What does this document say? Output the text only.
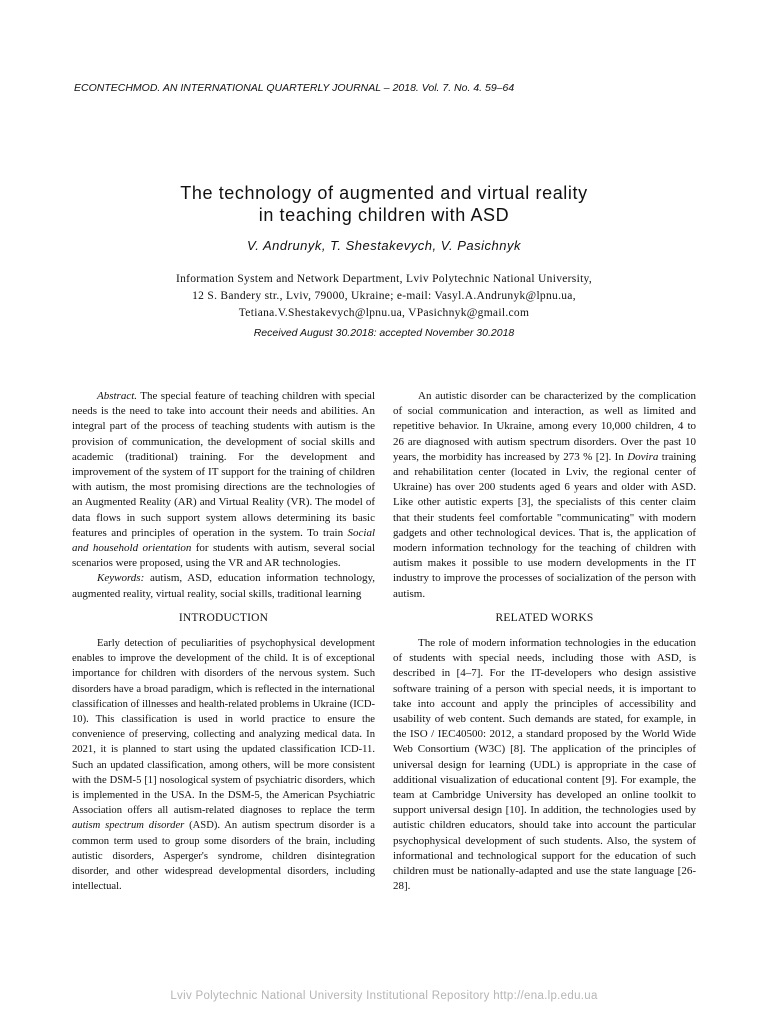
ECONTECHMOD. AN INTERNATIONAL QUARTERLY JOURNAL – 2018. Vol. 7. No. 4. 59–64
The technology of augmented and virtual reality
in teaching children with ASD
V. Andrunyk, T. Shestakevych, V. Pasichnyk
Information System and Network Department, Lviv Polytechnic National University,
12 S. Bandery str., Lviv, 79000, Ukraine; e-mail: Vasyl.A.Andrunyk@lpnu.ua,
Tetiana.V.Shestakevych@lpnu.ua, VPasichnyk@gmail.com
Received August 30.2018: accepted November 30.2018

Abstract. The special feature of teaching children with special needs is the need to take into account their needs and abilities. An integral part of the process of teaching students with autism is the provision of communication, the development of social skills and academic (traditional) training. For the development and improvement of the system of IT support for the training of children with autism, the most promising directions are the technologies of an Augmented Reality (AR) and Virtual Reality (VR). The model of data flows in such support system allows determining its basic features and principles of operation in the system. To train Social and household orientation for students with autism, several social scenarios were proposed, using the VR and AR technologies.

Keywords: autism, ASD, education information technology, augmented reality, virtual reality, social skills, traditional learning

INTRODUCTION

Early detection of peculiarities of psychophysical development enables to improve the development of the child. It is of exceptional importance for children with disorders of the nervous system. Such disorders have a broad paradigm, which is reflected in the international classification of illnesses and health-related problems in Ukraine (ICD-10). This classification is used in world practice to ensure the convenience of preserving, collecting and analyzing medical data. In 2021, it is planned to start using the updated classification ICD-11. Such an updated classification, among others, will be more consistent with the DSM-5 [1] nosological system of psychiatric disorders, which is implemented in the USA. In the DSM-5, the American Psychiatric Association offers all autism-related diagnoses to replace the term autism spectrum disorder (ASD). An autism spectrum disorder is a common term used to group some disorders of the brain, including autistic disorders, Asperger's syndrome, children disintegration disorder, and other widespread developmental disorders, including intellectual.

An autistic disorder can be characterized by the complication of social communication and interaction, as well as limited and repetitive behavior. In Ukraine, among every 10,000 children, 4 to 26 are diagnosed with autism spectrum disorders. Over the past 10 years, the morbidity has increased by 273 % [2]. In Dovira training and rehabilitation center (located in Lviv, the regional center of Ukraine) has over 200 students aged 6 years and older with ASD. Like other autistic experts [3], the specialists of this center claim that their students feel comfortable "communicating" with modern gadgets and other technological devices. That is, the application of modern information technology for the teaching of children with autism makes it possible to use modern developments in the IT industry to improve the processes of socialization of the person with autism.

RELATED WORKS

The role of modern information technologies in the education of students with special needs, including those with ASD, is described in [4–7]. For the IT-developers who design assistive software training of a person with special needs, it is important to take into account and apply the principles of accessibility and usability of web content. Such demands are stated, for example, in the ISO / IEC40500: 2012, a standard proposed by the World Wide Web Consortium (W3C) [8]. The application of the principles of universal design for learning (UDL) is appropriate in the case of additional visualization of educational content [9]. For example, the team at Cambridge University has developed an online toolkit to support universal design [10]. In addition, the technologies used by autistic children educators, should take into account the particular psychophysical development of such students. Also, the system of informational and technological support for the education of such children must be nationally-adapted and use the state language [26-28].

Lviv Polytechnic National University Institutional Repository http://ena.lp.edu.ua
